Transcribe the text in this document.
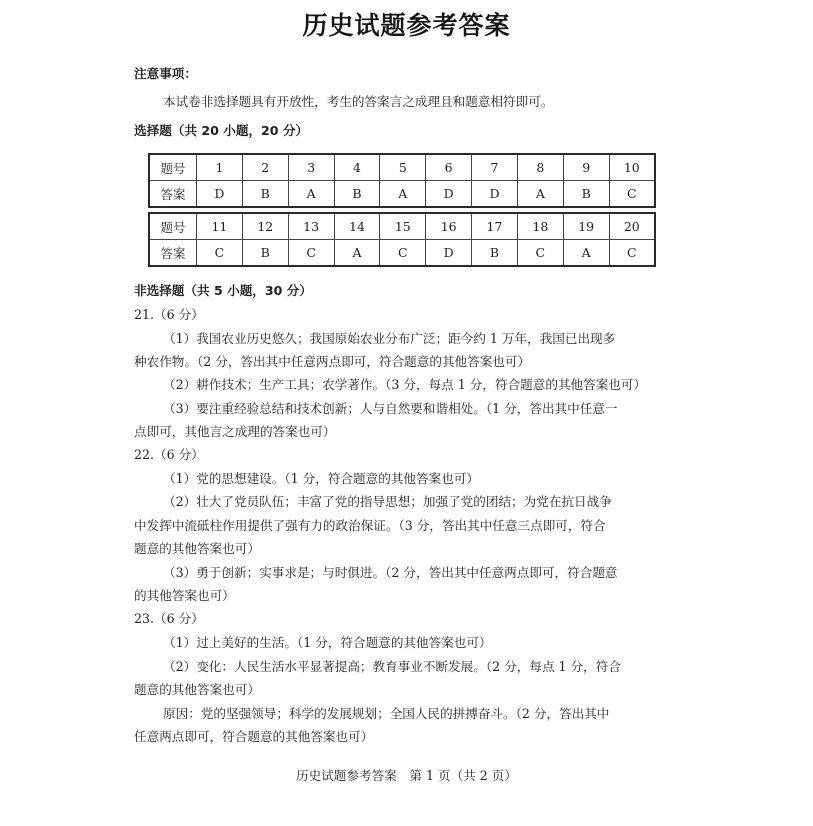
历史试题参考答案
注意事项：
本试卷非选择题具有开放性，考生的答案言之成理且和题意相符即可。
选择题（共 20 小题，20 分）
题号	1	2	3	4	5	6	7	8	9	10
答案	D	B	A	B	A	D	D	A	B	C
题号	11	12	13	14	15	16	17	18	19	20
答案	C	B	C	A	C	D	B	C	A	C
非选择题（共 5 小题，30 分）
21.（6 分）
（1）我国农业历史悠久；我国原始农业分布广泛；距今约 1 万年，我国已出现多
种农作物。（2 分，答出其中任意两点即可，符合题意的其他答案也可）
（2）耕作技术；生产工具；农学著作。（3 分，每点 1 分，符合题意的其他答案也可）
（3）要注重经验总结和技术创新；人与自然要和谐相处。（1 分，答出其中任意一
点即可，其他言之成理的答案也可）
22.（6 分）
（1）党的思想建设。（1 分，符合题意的其他答案也可）
（2）壮大了党员队伍；丰富了党的指导思想；加强了党的团结；为党在抗日战争
中发挥中流砥柱作用提供了强有力的政治保证。（3 分，答出其中任意三点即可，符合
题意的其他答案也可）
（3）勇于创新；实事求是；与时俱进。（2 分，答出其中任意两点即可，符合题意
的其他答案也可）
23.（6 分）
（1）过上美好的生活。（1 分，符合题意的其他答案也可）
（2）变化：人民生活水平显著提高；教育事业不断发展。（2 分，每点 1 分，符合
题意的其他答案也可）
原因：党的坚强领导；科学的发展规划；全国人民的拼搏奋斗。（2 分，答出其中
任意两点即可，符合题意的其他答案也可）
历史试题参考答案　第 1 页（共 2 页）
